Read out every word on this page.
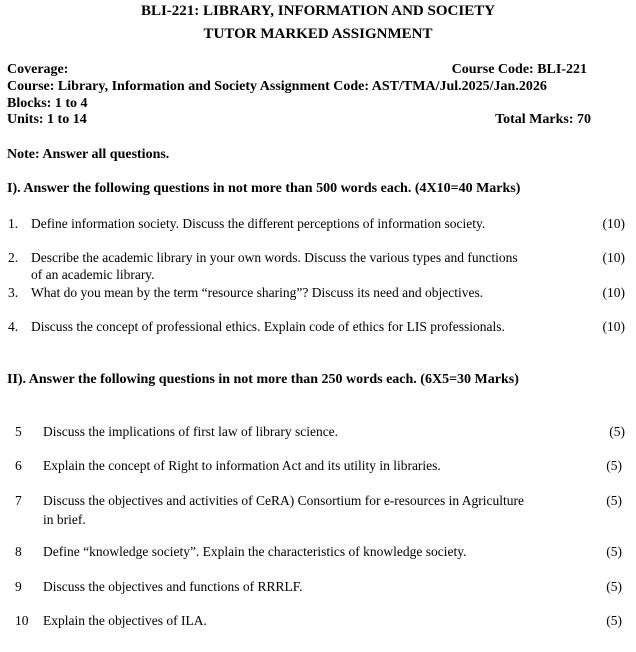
BLI-221: LIBRARY, INFORMATION AND SOCIETY
TUTOR MARKED ASSIGNMENT
Coverage:	Course Code: BLI-221
Course: Library, Information and Society Assignment Code: AST/TMA/Jul.2025/Jan.2026
Blocks: 1 to 4
Units: 1 to 14	Total Marks: 70
Note: Answer all questions.
I). Answer the following questions in not more than 500 words each. (4X10=40 Marks)
1. Define information society. Discuss the different perceptions of information society.	(10)
2. Describe the academic library in your own words. Discuss the various types and functions
of an academic library.
(10)
3. What do you mean by the term “resource sharing”? Discuss its need and objectives.	(10)
4. Discuss the concept of professional ethics. Explain code of ethics for LIS professionals.	(10)
II). Answer the following questions in not more than 250 words each. (6X5=30 Marks)
5 Discuss the implications of first law of library science.	(5)
6 Explain the concept of Right to information Act and its utility in libraries.	(5)
7 Discuss the objectives and activities of CeRA) Consortium for e-resources in Agriculture
in brief.
(5)
8 Define “knowledge society”. Explain the characteristics of knowledge society.	(5)
9 Discuss the objectives and functions of RRRLF.	(5)
10 Explain the objectives of ILA.	(5)
